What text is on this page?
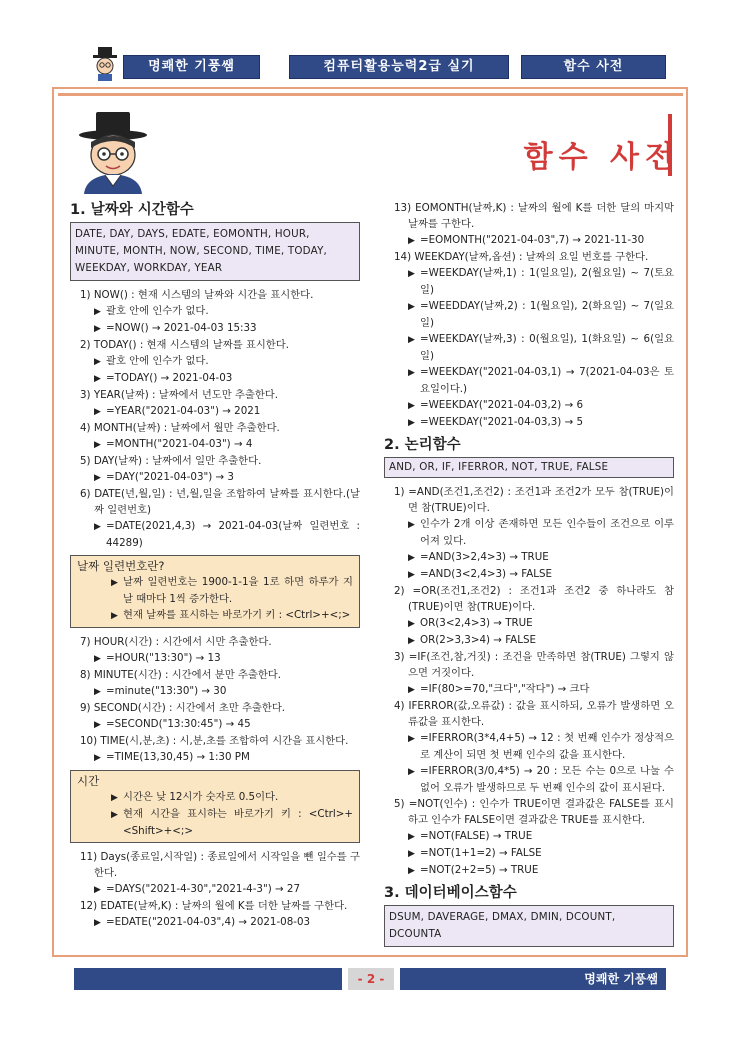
명쾌한 기풍쌤	컴퓨터활용능력2급 실기	함수 사전
함수 사전
1. 날짜와 시간함수
DATE, DAY, DAYS, EDATE, EOMONTH, HOUR, MINUTE, MONTH, NOW, SECOND, TIME, TODAY, WEEKDAY, WORKDAY, YEAR
1) NOW() : 현재 시스템의 날짜와 시간을 표시한다.
▶ 괄호 안에 인수가 없다.
▶ =NOW() → 2021-04-03 15:33
2) TODAY() : 현재 시스템의 날짜를 표시한다.
▶ 괄호 안에 인수가 없다.
▶ =TODAY() → 2021-04-03
3) YEAR(날짜) : 날짜에서 년도만 추출한다.
▶ =YEAR("2021-04-03") → 2021
4) MONTH(날짜) : 날짜에서 월만 추출한다.
▶ =MONTH("2021-04-03") → 4
5) DAY(날짜) : 날짜에서 일만 추출한다.
▶ =DAY("2021-04-03") → 3
6) DATE(년,월,일) : 년,월,일을 조합하여 날짜를 표시한다.(날짜 일련번호)
▶ =DATE(2021,4,3) → 2021-04-03(날짜 일련번호 : 44289)
날짜 일련번호란?
▶ 날짜 일련번호는 1900-1-1을 1로 하면 하루가 지날 때마다 1씩 증가한다.
▶ 현재 날짜를 표시하는 바로가기 키 : <Ctrl>+<;>
7) HOUR(시간) : 시간에서 시만 추출한다.
▶ =HOUR("13:30") → 13
8) MINUTE(시간) : 시간에서 분만 추출한다.
▶ =minute("13:30") → 30
9) SECOND(시간) : 시간에서 초만 추출한다.
▶ =SECOND("13:30:45") → 45
10) TIME(시,분,초) : 시,분,초를 조합하여 시간을 표시한다.
▶ =TIME(13,30,45) → 1:30 PM
시간
▶ 시간은 낮 12시가 숫자로 0.5이다.
▶ 현재 시간을 표시하는 바로가기 키 : <Ctrl>+<Shift>+<;>
11) Days(종료일,시작일) : 종료일에서 시작일을 뺀 일수를 구한다.
▶ =DAYS("2021-4-30","2021-4-3") → 27
12) EDATE(날짜,K) : 날짜의 월에 K를 더한 날짜를 구한다.
▶ =EDATE("2021-04-03",4) → 2021-08-03
13) EOMONTH(날짜,K) : 날짜의 월에 K를 더한 달의 마지막 날짜를 구한다.
▶ =EOMONTH("2021-04-03",7) → 2021-11-30
14) WEEKDAY(날짜,옵션) : 날짜의 요일 번호를 구한다.
▶ =WEEKDAY(날짜,1) : 1(일요일), 2(월요일) ~ 7(토요일)
▶ =WEEDDAY(날짜,2) : 1(월요일), 2(화요일) ~ 7(일요일)
▶ =WEEKDAY(날짜,3) : 0(월요일), 1(화요일) ~ 6(일요일)
▶ =WEEKDAY("2021-04-03,1) → 7(2021-04-03은 토요일이다.)
▶ =WEEKDAY("2021-04-03,2) → 6
▶ =WEEKDAY("2021-04-03,3) → 5
2. 논리함수
AND, OR, IF, IFERROR, NOT, TRUE, FALSE
1) =AND(조건1,조건2) : 조건1과 조건2가 모두 참(TRUE)이면 참(TRUE)이다.
▶ 인수가 2개 이상 존재하면 모든 인수들이 조건으로 이루어져 있다.
▶ =AND(3>2,4>3) → TRUE
▶ =AND(3<2,4>3) → FALSE
2) =OR(조건1,조건2) : 조건1과 조건2 중 하나라도 참(TRUE)이면 참(TRUE)이다.
▶ OR(3<2,4>3) → TRUE
▶ OR(2>3,3>4) → FALSE
3) =IF(조건,참,거짓) : 조건을 만족하면 참(TRUE) 그렇지 않으면 거짓이다.
▶ =IF(80>=70,"크다","작다") → 크다
4) IFERROR(값,오류값) : 값을 표시하되, 오류가 발생하면 오류값을 표시한다.
▶ =IFERROR(3*4,4+5) → 12 : 첫 번째 인수가 정상적으로 계산이 되면 첫 번째 인수의 값을 표시한다.
▶ =IFERROR(3/0,4*5) → 20 : 모든 수는 0으로 나눌 수 없어 오류가 발생하므로 두 번째 인수의 값이 표시된다.
5) =NOT(인수) : 인수가 TRUE이면 결과값은 FALSE를 표시하고 인수가 FALSE이면 결과값은 TRUE를 표시한다.
▶ =NOT(FALSE) → TRUE
▶ =NOT(1+1=2) → FALSE
▶ =NOT(2+2=5) → TRUE
3. 데이터베이스함수
DSUM, DAVERAGE, DMAX, DMIN, DCOUNT, DCOUNTA
- 2 -	명쾌한 기풍쌤
